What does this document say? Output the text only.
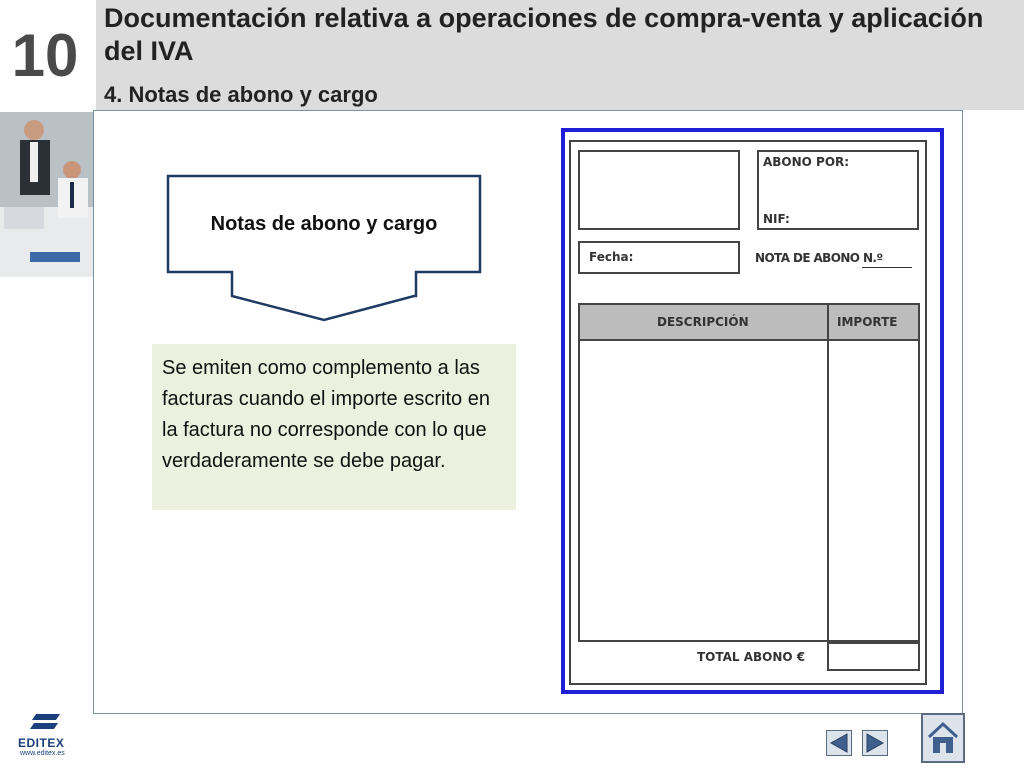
10
Documentación relativa a operaciones de compra-venta y aplicación del IVA
4. Notas de abono y cargo
Notas de abono y cargo
Se emiten como complemento a las facturas cuando el importe escrito en la factura no corresponde con lo que verdaderamente se debe pagar.
ABONO POR:
NIF:
Fecha:	NOTA DE ABONO N.º
DESCRIPCIÓN	IMPORTE
TOTAL ABONO €
EDITEX
www.editex.es
